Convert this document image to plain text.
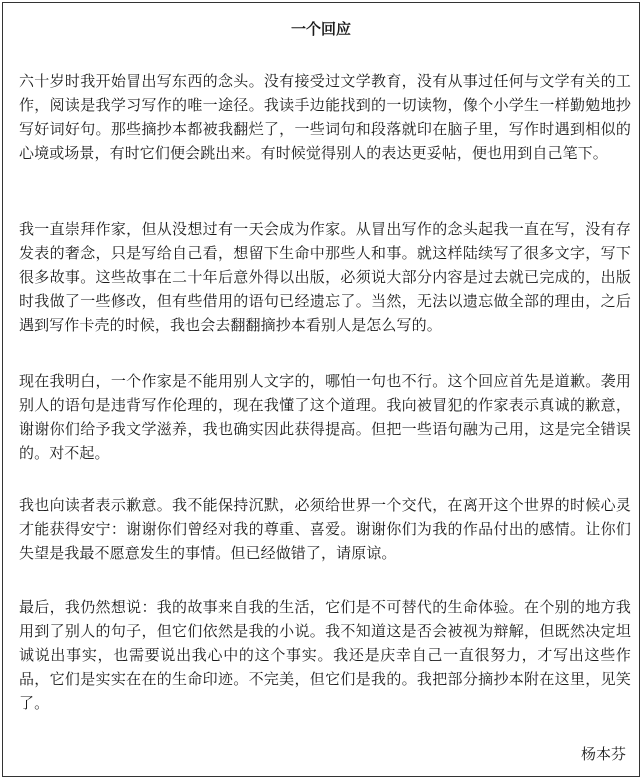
一个回应

六十岁时我开始冒出写东西的念头。没有接受过文学教育，没有从事过任何与文学有关的工作，阅读是我学习写作的唯一途径。我读手边能找到的一切读物，像个小学生一样勤勉地抄写好词好句。那些摘抄本都被我翻烂了，一些词句和段落就印在脑子里，写作时遇到相似的心境或场景，有时它们便会跳出来。有时候觉得别人的表达更妥帖，便也用到自己笔下。

我一直崇拜作家，但从没想过有一天会成为作家。从冒出写作的念头起我一直在写，没有存发表的奢念，只是写给自己看，想留下生命中那些人和事。就这样陆续写了很多文字，写下很多故事。这些故事在二十年后意外得以出版，必须说大部分内容是过去就已完成的，出版时我做了一些修改，但有些借用的语句已经遗忘了。当然，无法以遗忘做全部的理由，之后遇到写作卡壳的时候，我也会去翻翻摘抄本看别人是怎么写的。

现在我明白，一个作家是不能用别人文字的，哪怕一句也不行。这个回应首先是道歉。袭用别人的语句是违背写作伦理的，现在我懂了这个道理。我向被冒犯的作家表示真诚的歉意，谢谢你们给予我文学滋养，我也确实因此获得提高。但把一些语句融为己用，这是完全错误的。对不起。

我也向读者表示歉意。我不能保持沉默，必须给世界一个交代，在离开这个世界的时候心灵才能获得安宁：谢谢你们曾经对我的尊重、喜爱。谢谢你们为我的作品付出的感情。让你们失望是我最不愿意发生的事情。但已经做错了，请原谅。

最后，我仍然想说：我的故事来自我的生活，它们是不可替代的生命体验。在个别的地方我用到了别人的句子，但它们依然是我的小说。我不知道这是否会被视为辩解，但既然决定坦诚说出事实，也需要说出我心中的这个事实。我还是庆幸自己一直很努力，才写出这些作品，它们是实实在在的生命印迹。不完美，但它们是我的。我把部分摘抄本附在这里，见笑了。

杨本芬
